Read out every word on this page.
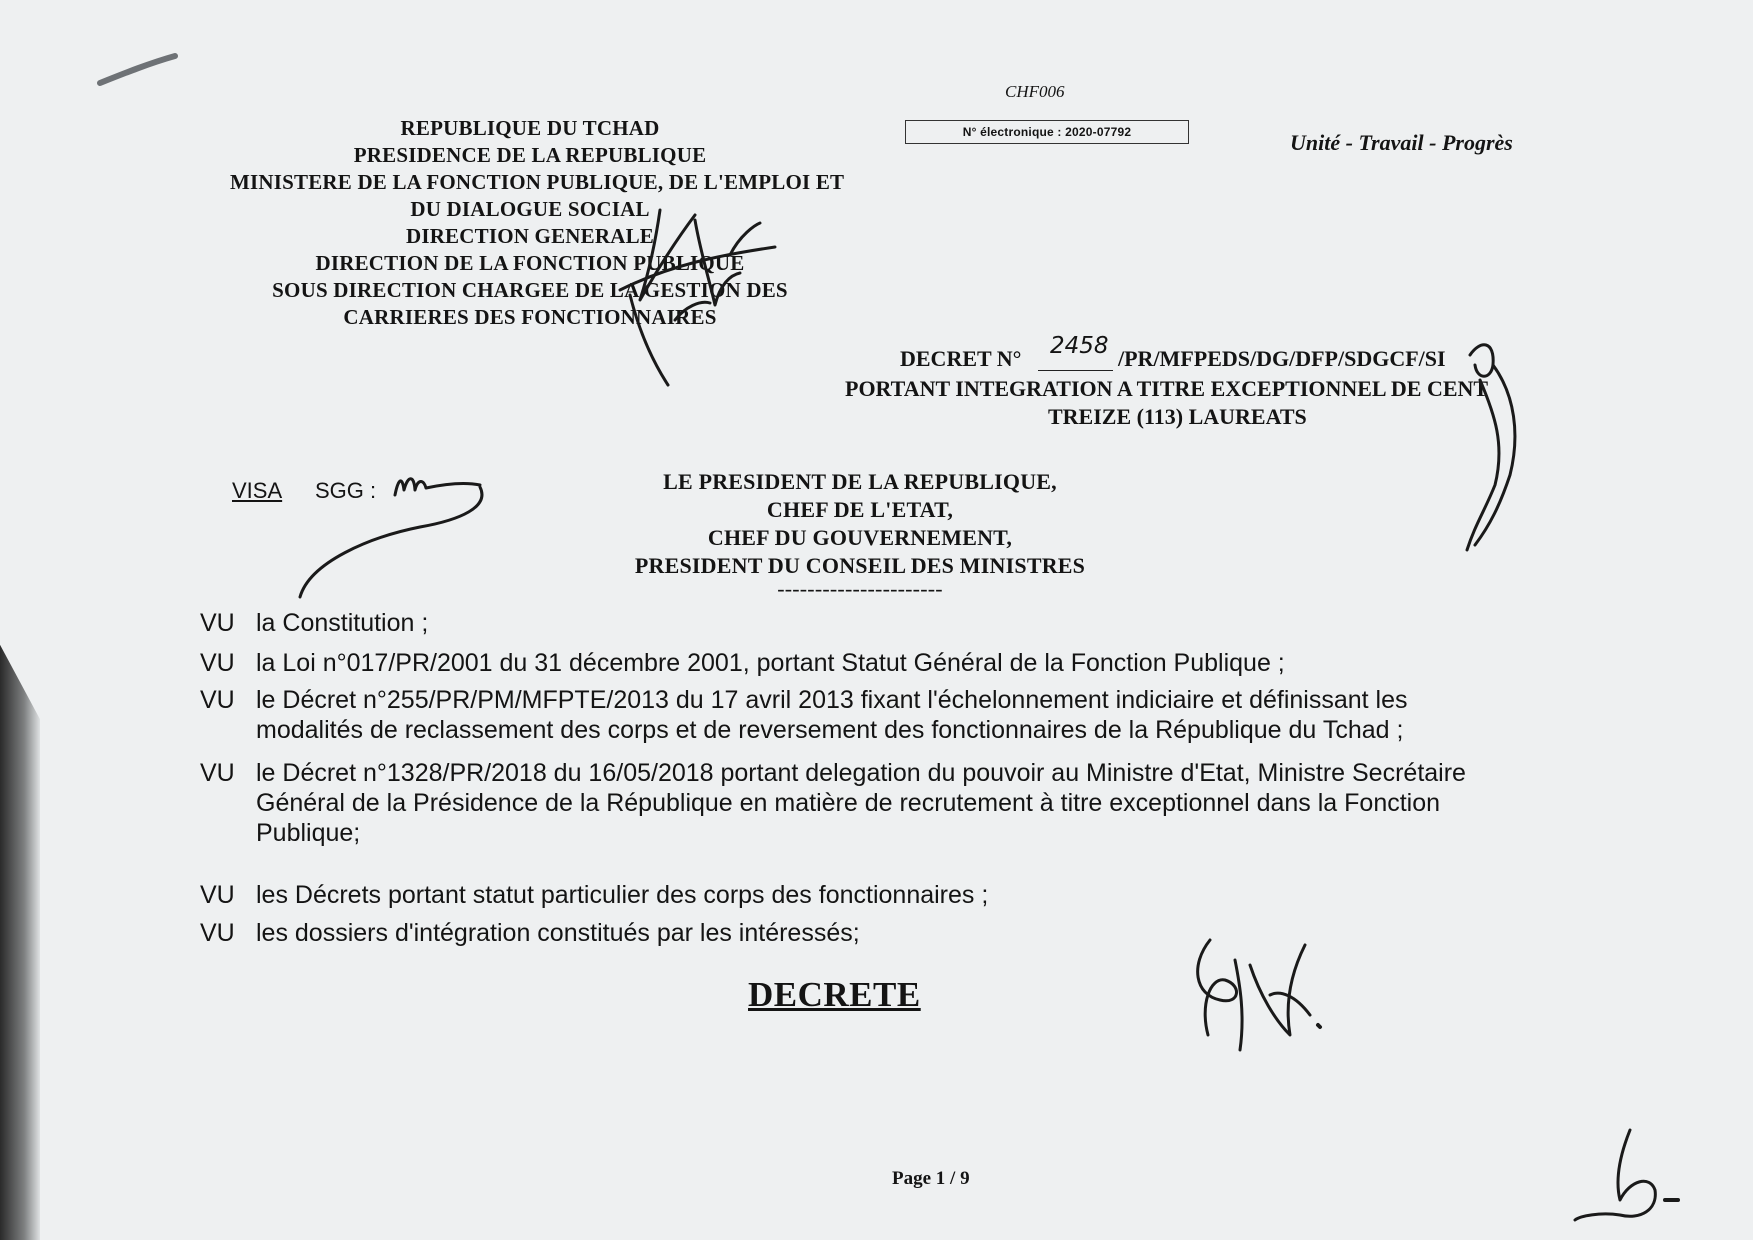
CHF006
N° électronique : 2020-07792	Unité - Travail - Progrès
REPUBLIQUE DU TCHAD
PRESIDENCE DE LA REPUBLIQUE
MINISTERE DE LA FONCTION PUBLIQUE, DE L'EMPLOI ET
DU DIALOGUE SOCIAL
DIRECTION GENERALE
DIRECTION DE LA FONCTION PUBLIQUE
SOUS DIRECTION CHARGEE DE LA GESTION DES
CARRIERES DES FONCTIONNAIRES
DECRET N° 2458 /PR/MFPEDS/DG/DFP/SDGCF/SI
PORTANT INTEGRATION A TITRE EXCEPTIONNEL DE CENT
TREIZE (113) LAUREATS
VISA SGG :	LE PRESIDENT DE LA REPUBLIQUE,
CHEF DE L'ETAT,
CHEF DU GOUVERNEMENT,
PRESIDENT DU CONSEIL DES MINISTRES
----------------------
VU la Constitution ;
VU la Loi n°017/PR/2001 du 31 décembre 2001, portant Statut Général de la Fonction Publique ;
VU le Décret n°255/PR/PM/MFPTE/2013 du 17 avril 2013 fixant l'échelonnement indiciaire et définissant les modalités de reclassement des corps et de reversement des fonctionnaires de la République du Tchad ;
VU le Décret n°1328/PR/2018 du 16/05/2018 portant delegation du pouvoir au Ministre d'Etat, Ministre Secrétaire Général de la Présidence de la République en matière de recrutement à titre exceptionnel dans la Fonction Publique;
VU les Décrets portant statut particulier des corps des fonctionnaires ;
VU les dossiers d'intégration constitués par les intéressés;
DECRETE
Page 1 / 9
